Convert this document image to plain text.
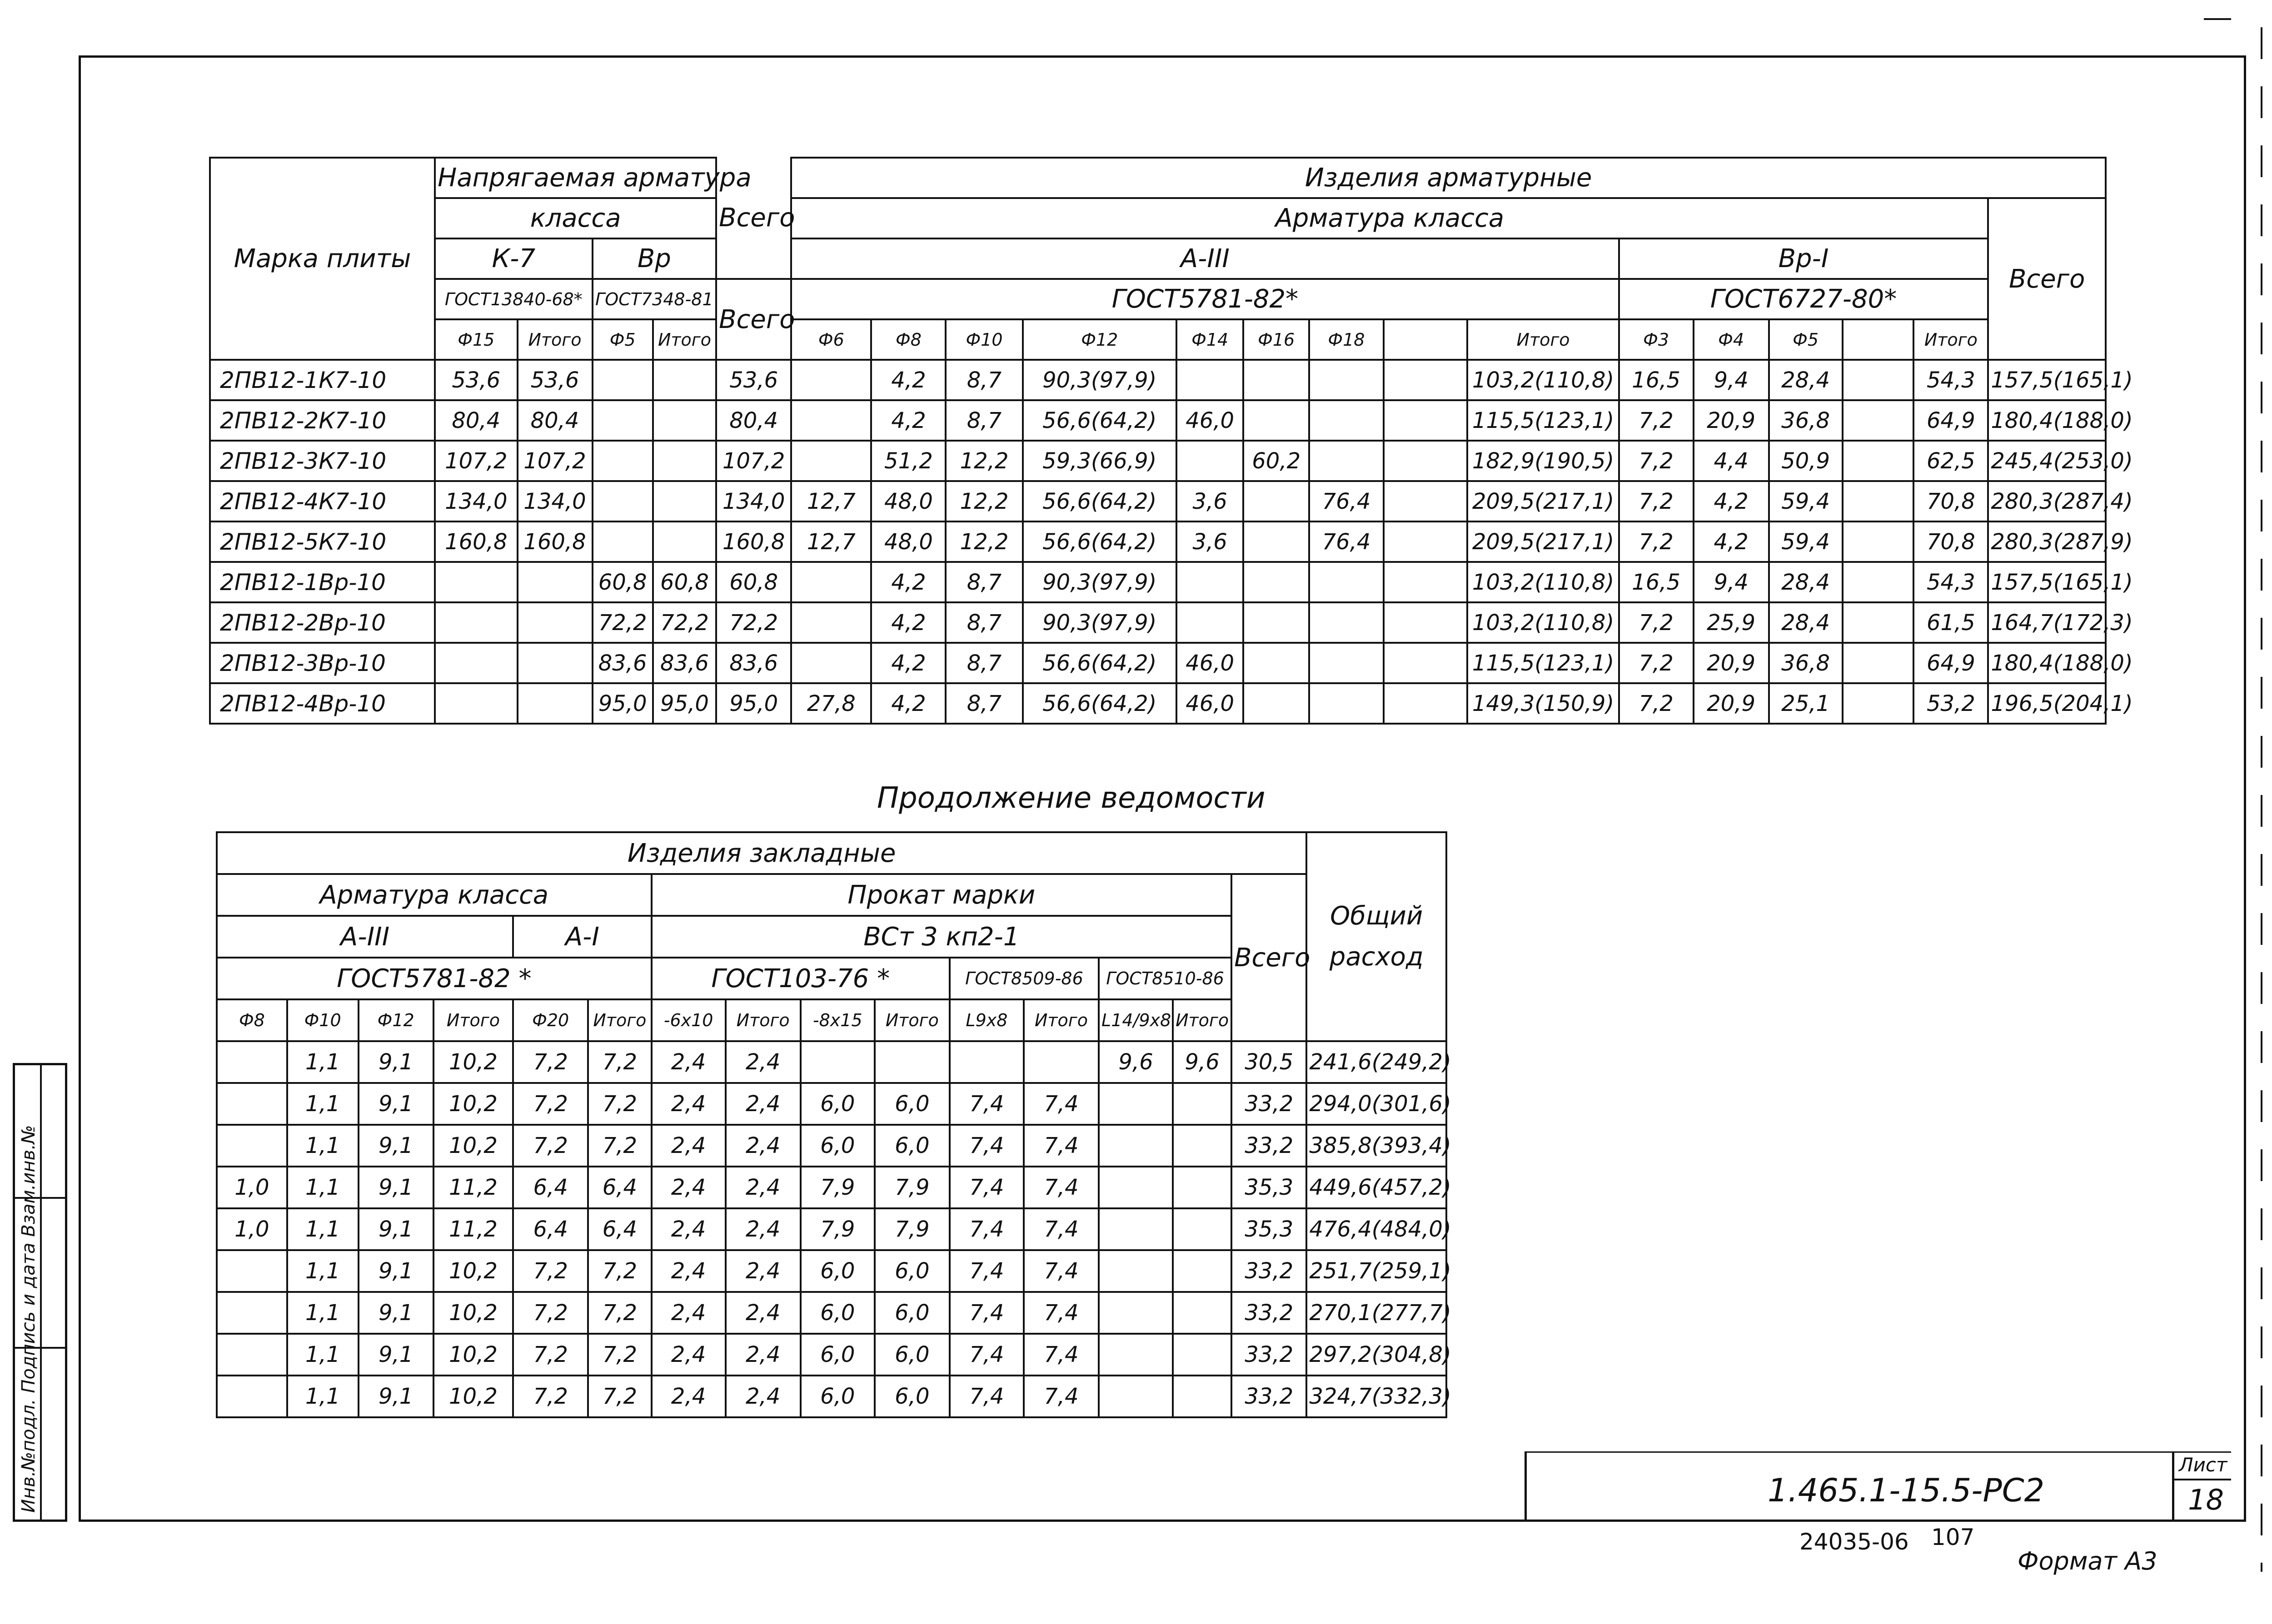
Марка плиты	Напрягаемая арматура				Всего	Изделия арматурные														
	класса					Арматура класса														Всего
	К-7		Вр			А-III									Вр-I					
	ГОСТ13840-68*		ГОСТ7348-81		Всего	ГОСТ5781-82*									ГОСТ6727-80*					
	Ф15	Итого	Ф5	Итого		Ф6	Ф8	Ф10	Ф12	Ф14	Ф16	Ф18		Итого	Ф3	Ф4	Ф5		Итого	
2ПВ12-1К7-10	53,6	53,6			53,6		4,2	8,7	90,3(97,9)					103,2(110,8)	16,5	9,4	28,4		54,3	157,5(165,1)
2ПВ12-2К7-10	80,4	80,4			80,4		4,2	8,7	56,6(64,2)	46,0				115,5(123,1)	7,2	20,9	36,8		64,9	180,4(188,0)
2ПВ12-3К7-10	107,2	107,2			107,2		51,2	12,2	59,3(66,9)		60,2			182,9(190,5)	7,2	4,4	50,9		62,5	245,4(253,0)
2ПВ12-4К7-10	134,0	134,0			134,0	12,7	48,0	12,2	56,6(64,2)	3,6		76,4		209,5(217,1)	7,2	4,2	59,4		70,8	280,3(287,4)
2ПВ12-5К7-10	160,8	160,8			160,8	12,7	48,0	12,2	56,6(64,2)	3,6		76,4		209,5(217,1)	7,2	4,2	59,4		70,8	280,3(287,9)
2ПВ12-1Вр-10			60,8	60,8	60,8		4,2	8,7	90,3(97,9)					103,2(110,8)	16,5	9,4	28,4		54,3	157,5(165,1)
2ПВ12-2Вр-10			72,2	72,2	72,2		4,2	8,7	90,3(97,9)					103,2(110,8)	7,2	25,9	28,4		61,5	164,7(172,3)
2ПВ12-3Вр-10			83,6	83,6	83,6		4,2	8,7	56,6(64,2)	46,0				115,5(123,1)	7,2	20,9	36,8		64,9	180,4(188,0)
2ПВ12-4Вр-10			95,0	95,0	95,0	27,8	4,2	8,7	56,6(64,2)	46,0				149,3(150,9)	7,2	20,9	25,1		53,2	196,5(204,1)
Продолжение ведомости
Изделия закладные															Общий
расход
Арматура класса						Прокат марки								Всего	
А-III				А-I		ВСт 3 кп2-1									
ГОСТ5781-82 *						ГОСТ103-76 *				ГОСТ8509-86		ГОСТ8510-86			
Ф8	Ф10	Ф12	Итого	Ф20	Итого	-6х10	Итого	-8х15	Итого	L9х8	Итого	L14/9х8	Итого		
	1,1	9,1	10,2	7,2	7,2	2,4	2,4					9,6	9,6	30,5	241,6(249,2)
	1,1	9,1	10,2	7,2	7,2	2,4	2,4	6,0	6,0	7,4	7,4			33,2	294,0(301,6)
	1,1	9,1	10,2	7,2	7,2	2,4	2,4	6,0	6,0	7,4	7,4			33,2	385,8(393,4)
1,0	1,1	9,1	11,2	6,4	6,4	2,4	2,4	7,9	7,9	7,4	7,4			35,3	449,6(457,2)
1,0	1,1	9,1	11,2	6,4	6,4	2,4	2,4	7,9	7,9	7,4	7,4			35,3	476,4(484,0)
	1,1	9,1	10,2	7,2	7,2	2,4	2,4	6,0	6,0	7,4	7,4			33,2	251,7(259,1)
	1,1	9,1	10,2	7,2	7,2	2,4	2,4	6,0	6,0	7,4	7,4			33,2	270,1(277,7)
	1,1	9,1	10,2	7,2	7,2	2,4	2,4	6,0	6,0	7,4	7,4			33,2	297,2(304,8)
	1,1	9,1	10,2	7,2	7,2	2,4	2,4	6,0	6,0	7,4	7,4			33,2	324,7(332,3)
1.465.1-15.5-РС2
Лист
18
24035-06 107
Формат А3
Инв.№подл. Подпись и дата Взам.инв.№
